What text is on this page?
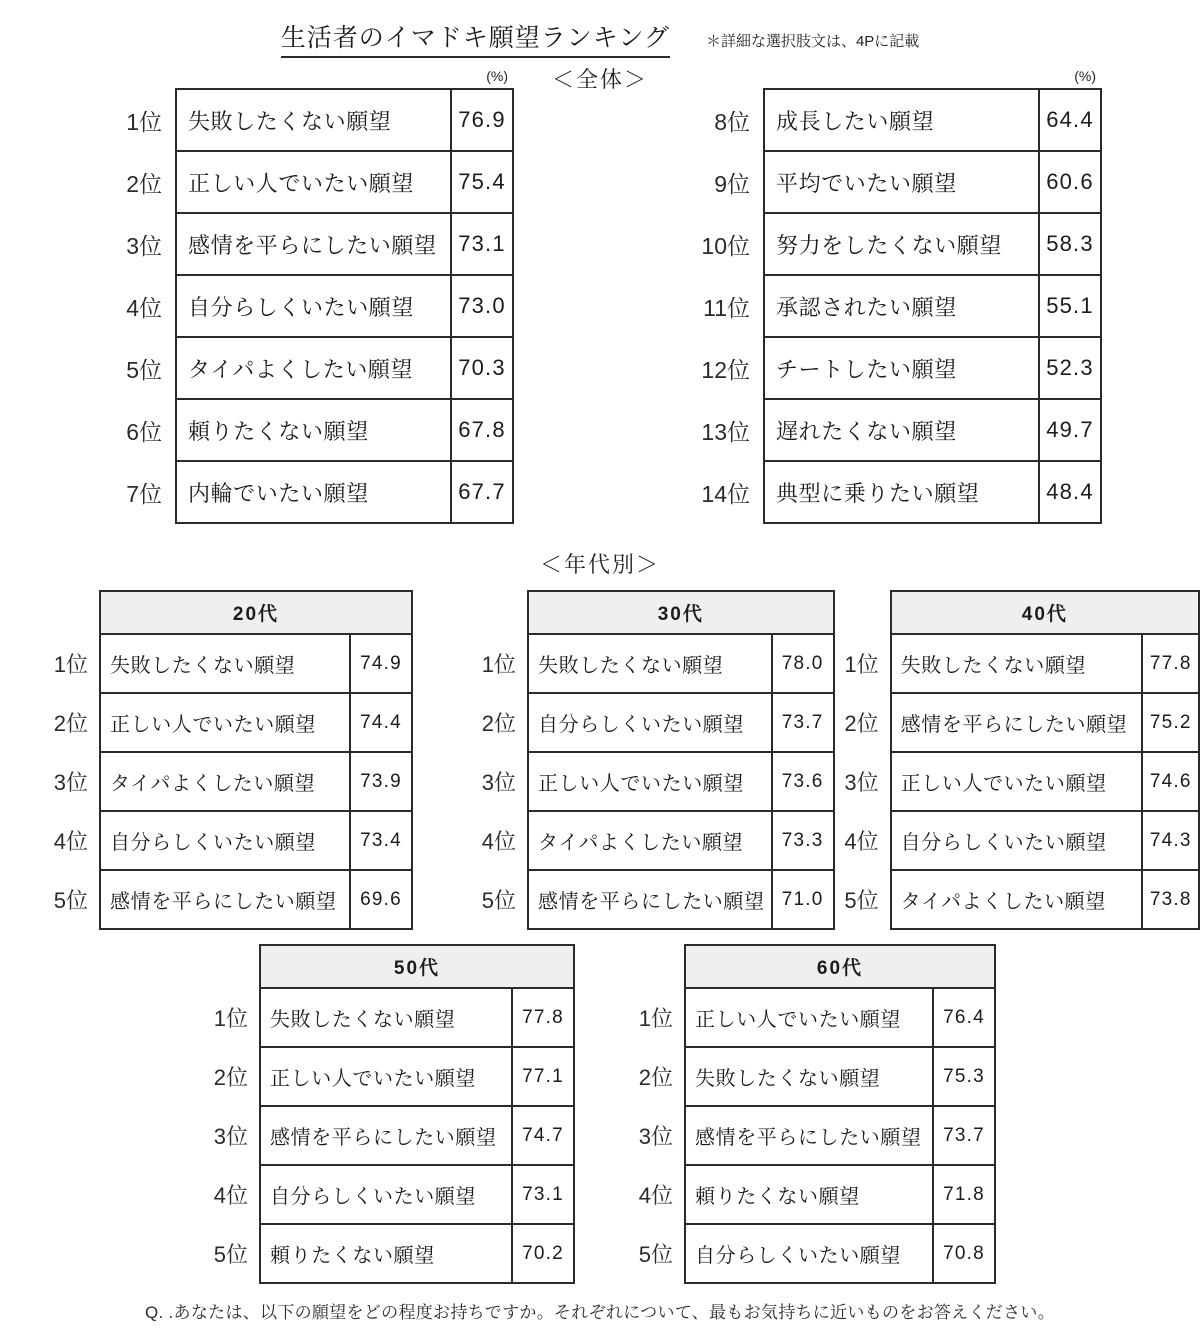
生活者のイマドキ願望ランキング ＊詳細な選択肢文は、4Pに記載
＜全体＞
(%)
1位	失敗したくない願望	76.9
2位	正しい人でいたい願望	75.4
3位	感情を平らにしたい願望	73.1
4位	自分らしくいたい願望	73.0
5位	タイパよくしたい願望	70.3
6位	頼りたくない願望	67.8
7位	内輪でいたい願望	67.7
(%)
8位	成長したい願望	64.4
9位	平均でいたい願望	60.6
10位	努力をしたくない願望	58.3
11位	承認されたい願望	55.1
12位	チートしたい願望	52.3
13位	遅れたくない願望	49.7
14位	典型に乗りたい願望	48.4
＜年代別＞
	20代	
1位	失敗したくない願望	74.9
2位	正しい人でいたい願望	74.4
3位	タイパよくしたい願望	73.9
4位	自分らしくいたい願望	73.4
5位	感情を平らにしたい願望	69.6
	30代	
1位	失敗したくない願望	78.0
2位	自分らしくいたい願望	73.7
3位	正しい人でいたい願望	73.6
4位	タイパよくしたい願望	73.3
5位	感情を平らにしたい願望	71.0
	40代	
1位	失敗したくない願望	77.8
2位	感情を平らにしたい願望	75.2
3位	正しい人でいたい願望	74.6
4位	自分らしくいたい願望	74.3
5位	タイパよくしたい願望	73.8
	50代	
1位	失敗したくない願望	77.8
2位	正しい人でいたい願望	77.1
3位	感情を平らにしたい願望	74.7
4位	自分らしくいたい願望	73.1
5位	頼りたくない願望	70.2
	60代	
1位	正しい人でいたい願望	76.4
2位	失敗したくない願望	75.3
3位	感情を平らにしたい願望	73.7
4位	頼りたくない願望	71.8
5位	自分らしくいたい願望	70.8
Q. .あなたは、以下の願望をどの程度お持ちですか。それぞれについて、最もお気持ちに近いものをお答えください。
